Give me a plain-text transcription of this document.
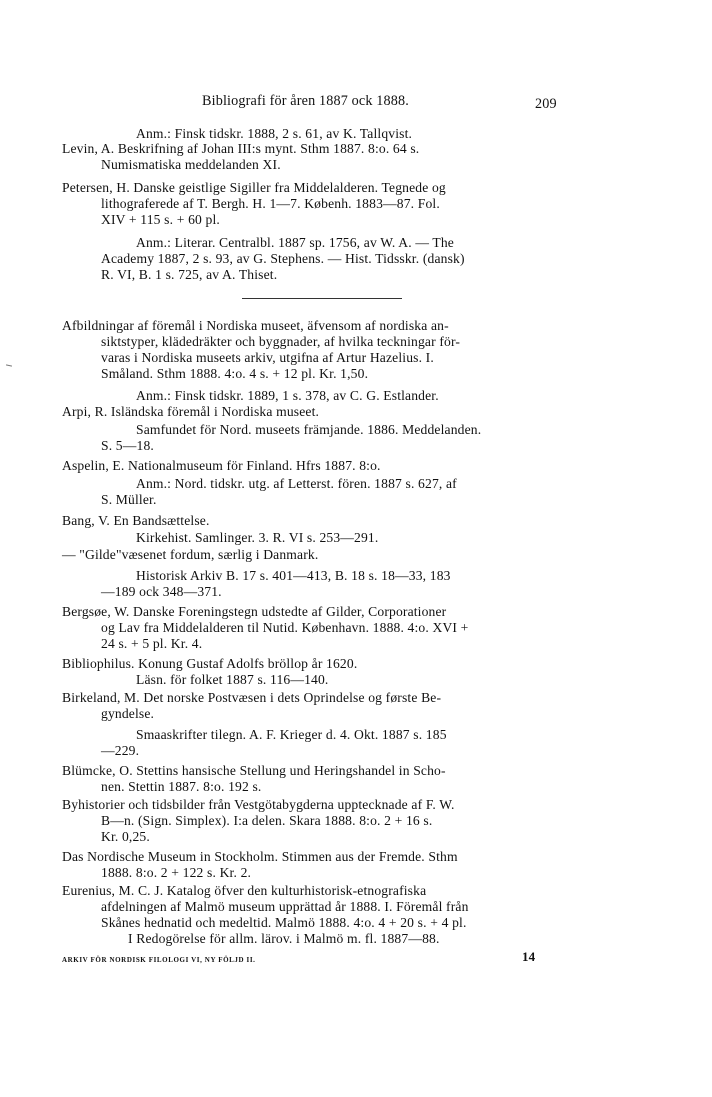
Bibliografi för åren 1887 ock 1888.	209
Anm.: Finsk tidskr. 1888, 2 s. 61, av K. Tallqvist.
Levin, A. Beskrifning af Johan III:s mynt. Sthm 1887. 8:o. 64 s.
Numismatiska meddelanden XI.
Petersen, H. Danske geistlige Sigiller fra Middelalderen. Tegnede og
lithograferede af T. Bergh. H. 1—7. Københ. 1883—87. Fol.
XIV + 115 s. + 60 pl.
Anm.: Literar. Centralbl. 1887 sp. 1756, av W. A. — The
Academy 1887, 2 s. 93, av G. Stephens. — Hist. Tidsskr. (dansk)
R. VI, B. 1 s. 725, av A. Thiset.
Afbildningar af föremål i Nordiska museet, äfvensom af nordiska an-
siktstyper, klädedräkter och byggnader, af hvilka teckningar för-
varas i Nordiska museets arkiv, utgifna af Artur Hazelius. I.
Småland. Sthm 1888. 4:o. 4 s. + 12 pl. Kr. 1,50.
Anm.: Finsk tidskr. 1889, 1 s. 378, av C. G. Estlander.
Arpi, R. Isländska föremål i Nordiska museet.
Samfundet för Nord. museets främjande. 1886. Meddelanden.
S. 5—18.
Aspelin, E. Nationalmuseum för Finland. Hfrs 1887. 8:o.
Anm.: Nord. tidskr. utg. af Letterst. fören. 1887 s. 627, af
S. Müller.
Bang, V. En Bandsættelse.
Kirkehist. Samlinger. 3. R. VI s. 253—291.
— "Gilde"væsenet fordum, særlig i Danmark.
Historisk Arkiv B. 17 s. 401—413, B. 18 s. 18—33, 183
—189 ock 348—371.
Bergsøe, W. Danske Foreningstegn udstedte af Gilder, Corporationer
og Lav fra Middelalderen til Nutid. København. 1888. 4:o. XVI +
24 s. + 5 pl. Kr. 4.
Bibliophilus. Konung Gustaf Adolfs bröllop år 1620.
Läsn. för folket 1887 s. 116—140.
Birkeland, M. Det norske Postvæsen i dets Oprindelse og første Be-
gyndelse.
Smaaskrifter tilegn. A. F. Krieger d. 4. Okt. 1887 s. 185
—229.
Blümcke, O. Stettins hansische Stellung und Heringshandel in Scho-
nen. Stettin 1887. 8:o. 192 s.
Byhistorier och tidsbilder från Vestgötabygderna upptecknade af F. W.
B—n. (Sign. Simplex). I:a delen. Skara 1888. 8:o. 2 + 16 s.
Kr. 0,25.
Das Nordische Museum in Stockholm. Stimmen aus der Fremde. Sthm
1888. 8:o. 2 + 122 s. Kr. 2.
Eurenius, M. C. J. Katalog öfver den kulturhistorisk-etnografiska
afdelningen af Malmö museum upprättad år 1888. I. Föremål från
Skånes hednatid och medeltid. Malmö 1888. 4:o. 4 + 20 s. + 4 pl.
I Redogörelse för allm. lärov. i Malmö m. fl. 1887—88.
ARKIV FÖR NORDISK FILOLOGI VI, NY FÖLJD II.	14
